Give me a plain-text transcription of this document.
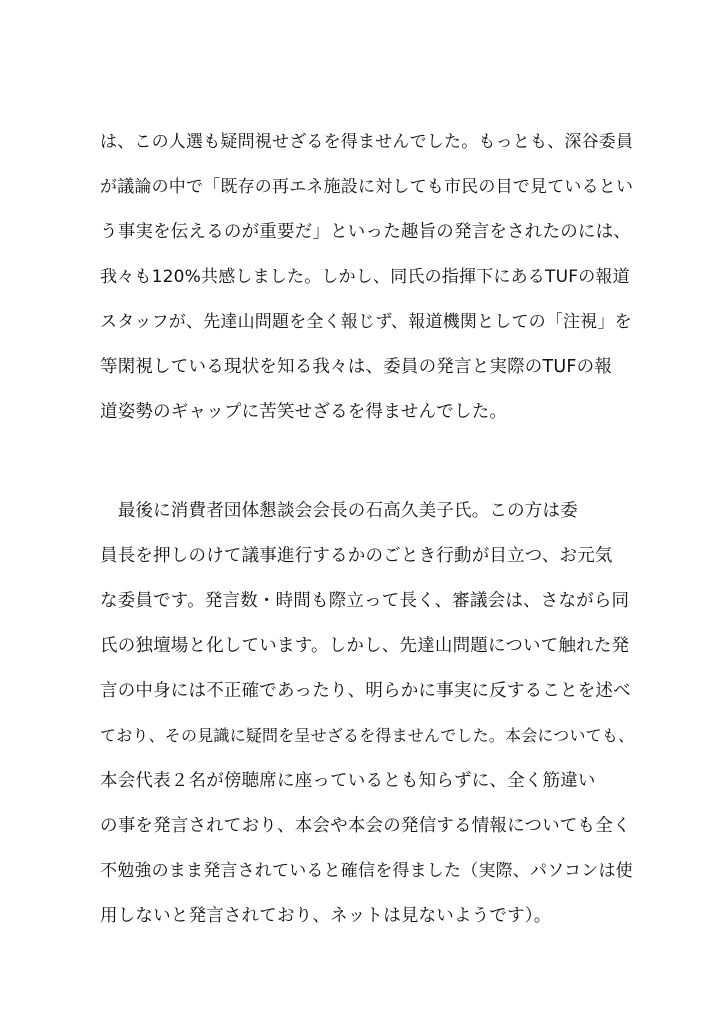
は、この人選も疑問視せざるを得ませんでした。もっとも、深谷委員
が議論の中で「既存の再エネ施設に対しても市民の目で見ているとい
う事実を伝えるのが重要だ」といった趣旨の発言をされたのには、
我々も120%共感しました。しかし、同氏の指揮下にあるTUFの報道
スタッフが、先達山問題を全く報じず、報道機関としての「注視」を
等閑視している現状を知る我々は、委員の発言と実際のTUFの報
道姿勢のギャップに苦笑せざるを得ませんでした。
　最後に消費者団体懇談会会長の石高久美子氏。この方は委
員長を押しのけて議事進行するかのごとき行動が目立つ、お元気
な委員です。発言数・時間も際立って長く、審議会は、さながら同
氏の独壇場と化しています。しかし、先達山問題について触れた発
言の中身には不正確であったり、明らかに事実に反することを述べ
ており、その見識に疑問を呈せざるを得ませんでした。本会についても、
本会代表２名が傍聴席に座っているとも知らずに、全く筋違い
の事を発言されており、本会や本会の発信する情報についても全く
不勉強のまま発言されていると確信を得ました（実際、パソコンは使
用しないと発言されており、ネットは見ないようです）。
